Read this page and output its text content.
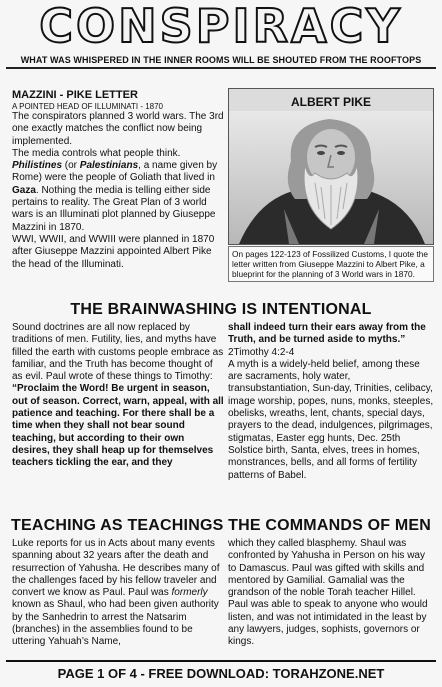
CONSPIRACY
WHAT WAS WHISPERED IN THE INNER ROOMS WILL BE SHOUTED FROM THE ROOFTOPS
MAZZINI - PIKE LETTER
A POINTED HEAD OF ILLUMINATI - 1870

The conspirators planned 3 world wars. The 3rd one exactly matches the conflict now being implemented.

The media controls what people think. Philistines (or Palestinians, a name given by Rome) were the people of Goliath that lived in Gaza. Nothing the media is telling either side pertains to reality. The Great Plan of 3 world wars is an Illuminati plot planned by Giuseppe Mazzini in 1870.

WWI, WWII, and WWIII were planned in 1870 after Giuseppe Mazzini appointed Albert Pike the head of the Illuminati.

ALBERT PIKE
On pages 122-123 of Fossilized Customs, I quote the letter written from Giuseppe Mazzini to Albert Pike, a blueprint for the planning of 3 World wars in 1870.
THE BRAINWASHING IS INTENTIONAL

Sound doctrines are all now replaced by traditions of men. Futility, lies, and myths have filled the earth with customs people embrace as familiar, and the Truth has become thought of as evil. Paul wrote of these things to Timothy: “Proclaim the Word! Be urgent in season, out of season. Correct, warn, appeal, with all patience and teaching. For there shall be a time when they shall not bear sound teaching, but according to their own desires, they shall heap up for themselves teachers tickling the ear, and they

shall indeed turn their ears away from the Truth, and be turned aside to myths.” 2Timothy 4:2-4

A myth is a widely-held belief, among these are sacraments, holy water, transubstantiation, Sun-day, Trinities, celibacy, image worship, popes, nuns, monks, steeples, obelisks, wreaths, lent, chants, special days, prayers to the dead, indulgences, pilgrimages, stigmatas, Easter egg hunts, Dec. 25th Solstice birth, Santa, elves, trees in homes, monstrances, bells, and all forms of fertility patterns of Babel.

TEACHING AS TEACHINGS THE COMMANDS OF MEN

Luke reports for us in Acts about many events spanning about 32 years after the death and resurrection of Yahusha. He describes many of the challenges faced by his fellow traveler and convert we know as Paul. Paul was formerly known as Shaul, who had been given authority by the Sanhedrin to arrest the Natsarim (branches) in the assemblies found to be uttering Yahuah’s Name,

which they called blasphemy. Shaul was confronted by Yahusha in Person on his way to Damascus. Paul was gifted with skills and mentored by Gamilial. Gamalial was the grandson of the noble Torah teacher Hillel. Paul was able to speak to anyone who would listen, and was not intimidated in the least by any lawyers, judges, sophists, governors or kings.

PAGE 1 OF 4 - FREE DOWNLOAD: TORAHZONE.NET
